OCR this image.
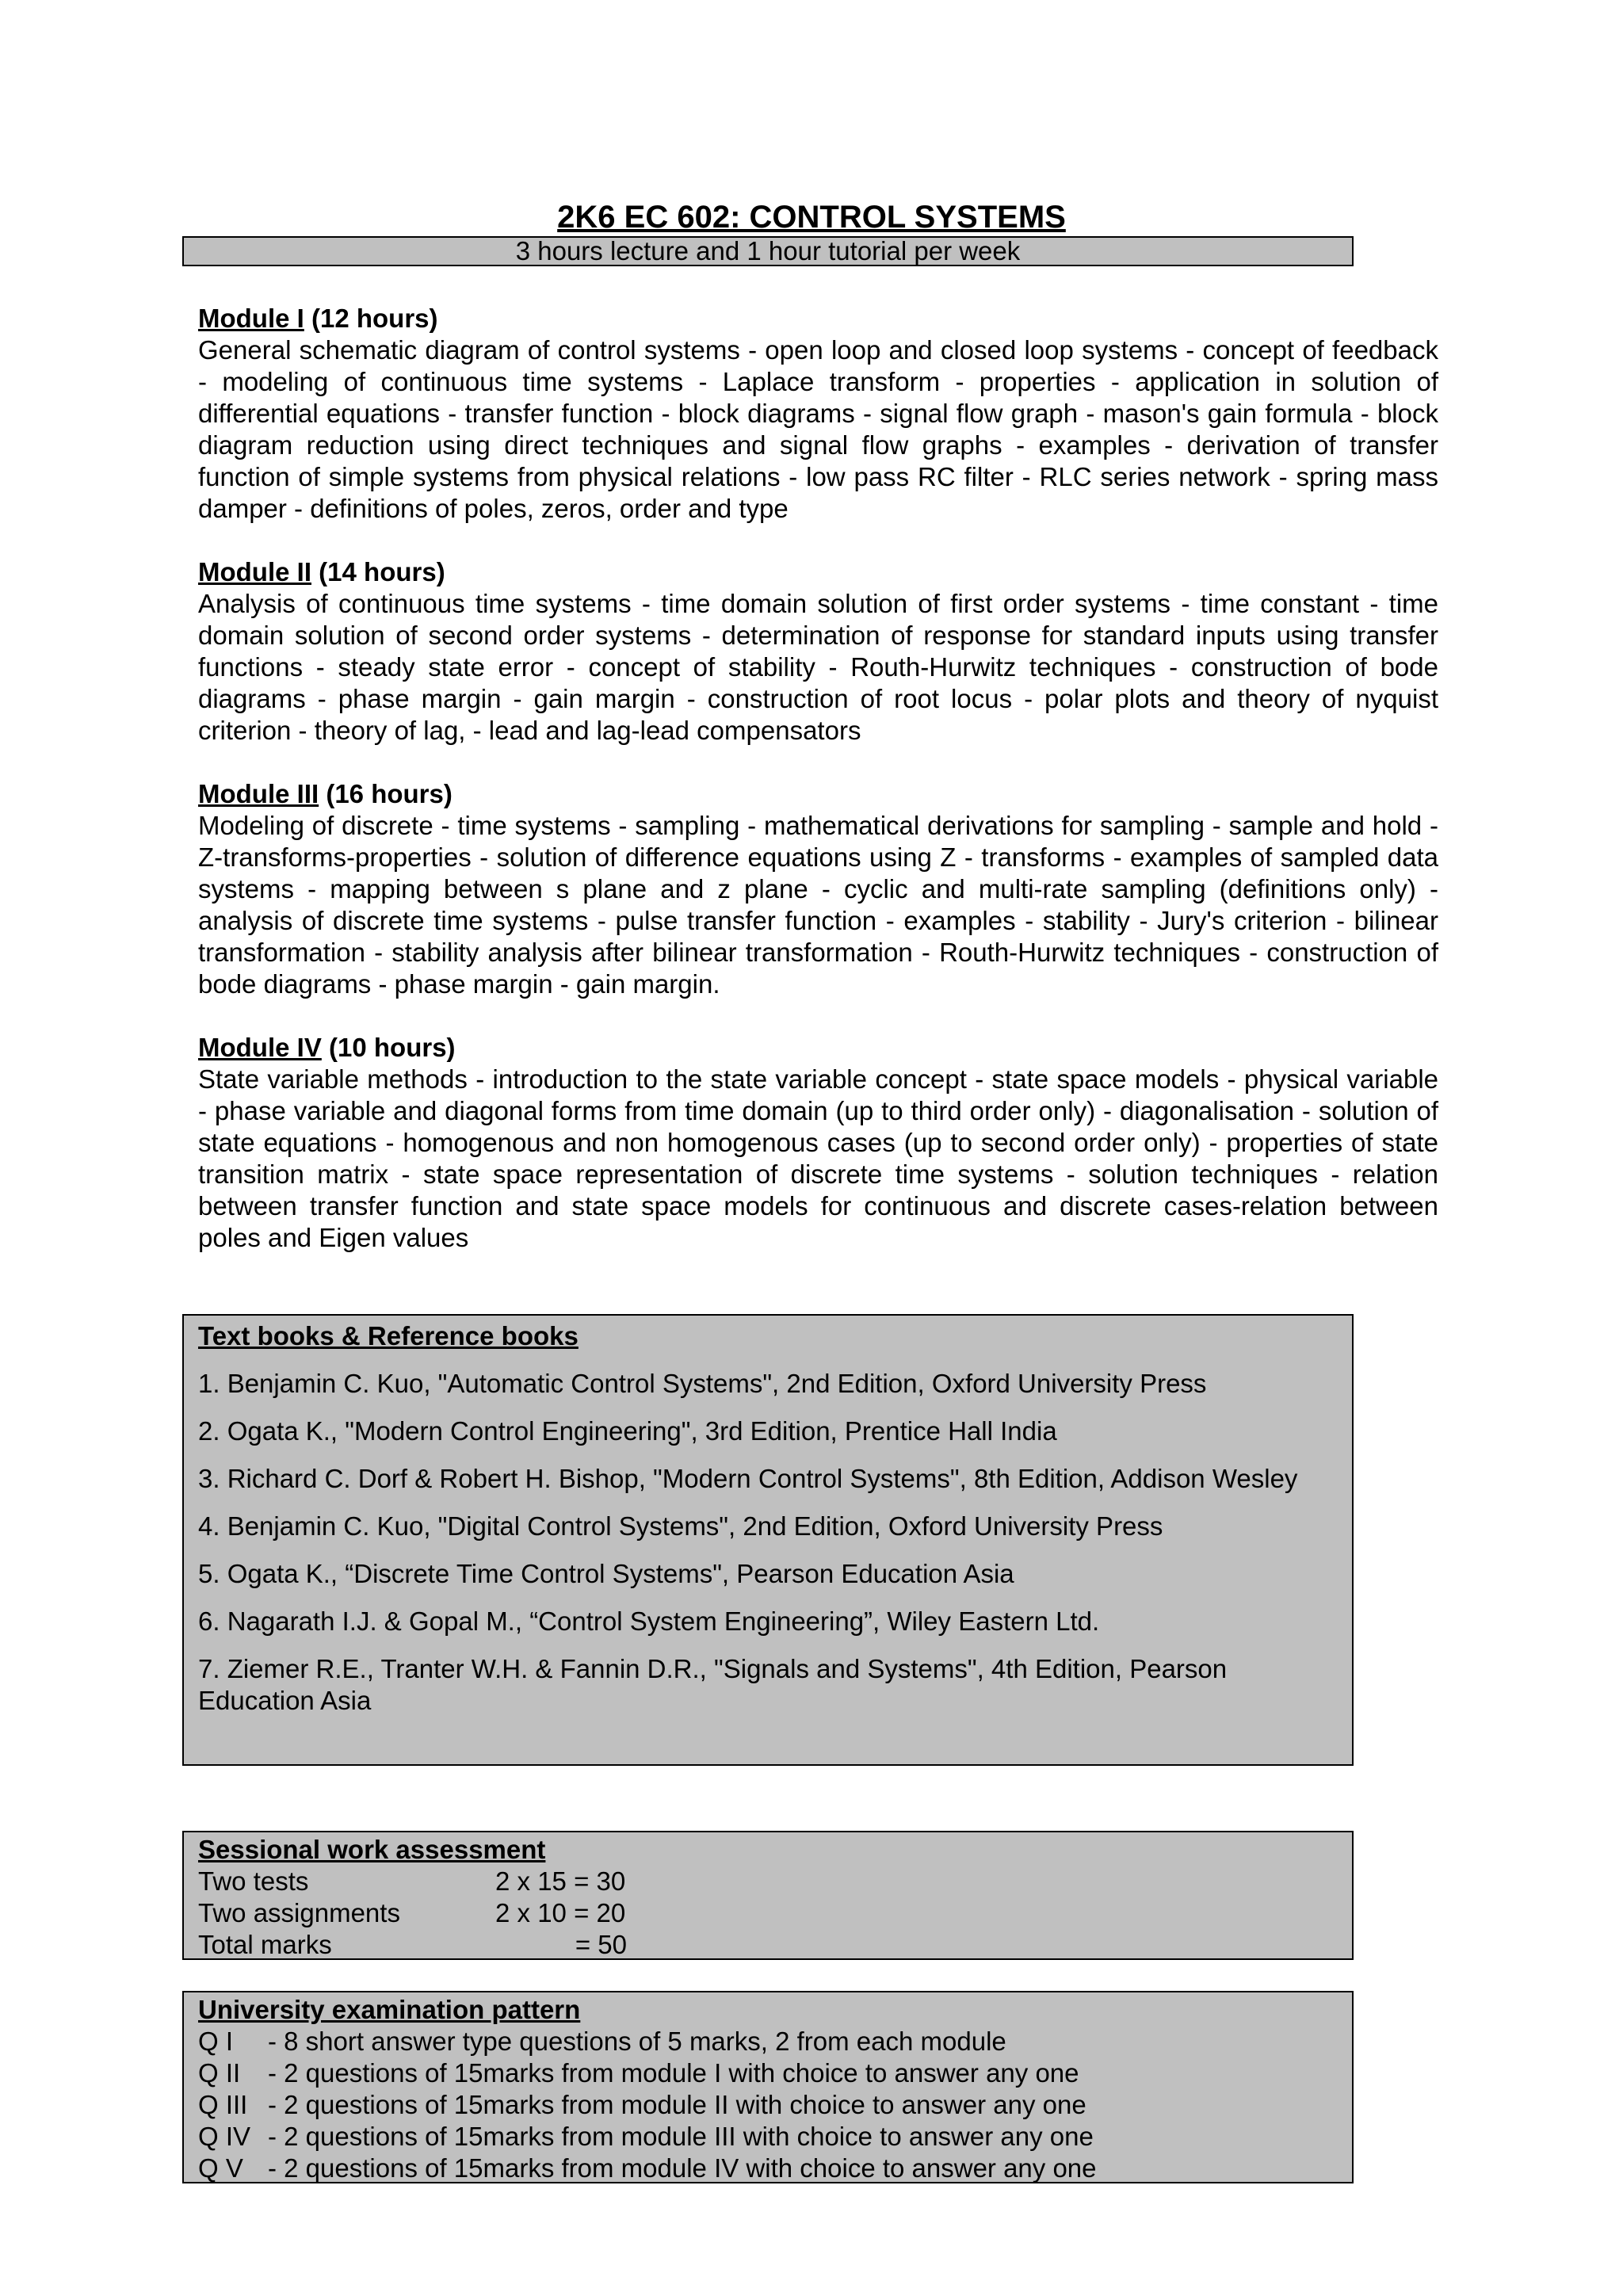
2K6 EC 602: CONTROL SYSTEMS
3 hours lecture and 1 hour tutorial per week
Module I (12 hours)
General schematic diagram of control systems - open loop and closed loop systems - concept of feedback - modeling of continuous time systems - Laplace transform - properties - application in solution of differential equations - transfer function - block diagrams - signal flow graph - mason's gain formula - block diagram reduction using direct techniques and signal flow graphs - examples - derivation of transfer function of simple systems from physical relations - low pass RC filter - RLC series network - spring mass damper - definitions of poles, zeros, order and type
Module II (14 hours)
Analysis of continuous time systems - time domain solution of first order systems - time constant - time domain solution of second order systems - determination of response for standard inputs using transfer functions - steady state error - concept of stability - Routh-Hurwitz techniques - construction of bode diagrams - phase margin - gain margin - construction of root locus - polar plots and theory of nyquist criterion - theory of lag, - lead and lag-lead compensators
Module III (16 hours)
Modeling of discrete - time systems - sampling - mathematical derivations for sampling - sample and hold - Z-transforms-properties - solution of difference equations using Z - transforms - examples of sampled data systems - mapping between s plane and z plane - cyclic and multi-rate sampling (definitions only) - analysis of discrete time systems - pulse transfer function - examples - stability - Jury's criterion - bilinear transformation - stability analysis after bilinear transformation - Routh-Hurwitz techniques - construction of bode diagrams - phase margin - gain margin.
Module IV (10 hours)
State variable methods - introduction to the state variable concept - state space models - physical variable - phase variable and diagonal forms from time domain (up to third order only) - diagonalisation - solution of state equations - homogenous and non homogenous cases (up to second order only) - properties of state transition matrix - state space representation of discrete time systems - solution techniques - relation between transfer function and state space models for continuous and discrete cases-relation between poles and Eigen values
Text books & Reference books
1. Benjamin C. Kuo, "Automatic Control Systems", 2nd Edition, Oxford University Press
2. Ogata K., "Modern Control Engineering", 3rd Edition, Prentice Hall India
3. Richard C. Dorf & Robert H. Bishop, "Modern Control Systems", 8th Edition, Addison Wesley
4. Benjamin C. Kuo, "Digital Control Systems", 2nd Edition, Oxford University Press
5. Ogata K., “Discrete Time Control Systems", Pearson Education Asia
6. Nagarath I.J. & Gopal M., “Control System Engineering”, Wiley Eastern Ltd.
7. Ziemer R.E., Tranter W.H. & Fannin D.R., "Signals and Systems", 4th Edition, Pearson Education Asia
Sessional work assessment
Two tests	2 x 15 = 30
Two assignments	2 x 10 = 20
Total marks	= 50
University examination pattern
Q I	- 8 short answer type questions of 5 marks, 2 from each module
Q II	- 2 questions of 15marks from module I with choice to answer any one
Q III - 2 questions of 15marks from module II with choice to answer any one
Q IV - 2 questions of 15marks from module III with choice to answer any one
Q V - 2 questions of 15marks from module IV with choice to answer any one
